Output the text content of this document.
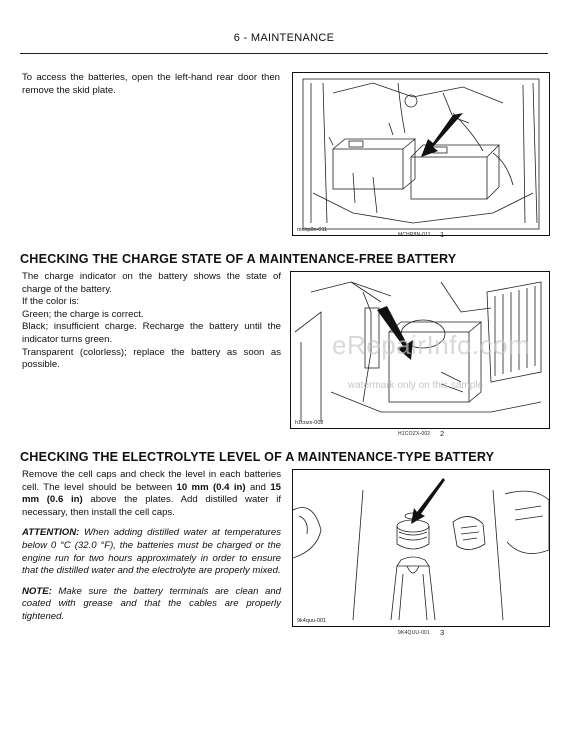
6 - MAINTENANCE
To access the batteries, open the left-hand rear door then remove the skid plate.
mchp8n-011
MCHP8N-011 1
CHECKING THE CHARGE STATE OF A MAINTENANCE-FREE BATTERY
The charge indicator on the battery shows the state of charge of the battery.
If the color is:
Green; the charge is correct.
Black; insufficient charge. Recharge the battery until the indicator turns green.
Transparent (colorless); replace the battery as soon as possible.
h1cozx-002
eRepairInfo.com
watermark only on this sample
H1COZX-002 2
CHECKING THE ELECTROLYTE LEVEL OF A MAINTENANCE-TYPE BATTERY
Remove the cell caps and check the level in each batteries cell. The level should be between 10 mm (0.4 in) and 15 mm (0.6 in) above the plates. Add distilled water if necessary, then install the cell caps.
ATTENTION: When adding distilled water at temperatures below 0 °C (32.0 °F), the batteries must be charged or the engine run for two hours approximately in order to ensure that the distilled water and the electrolyte are properly mixed.
NOTE: Make sure the battery terminals are clean and coated with grease and that the cables are properly tightened.	9k4quu-001
9K4QUU-001 3
